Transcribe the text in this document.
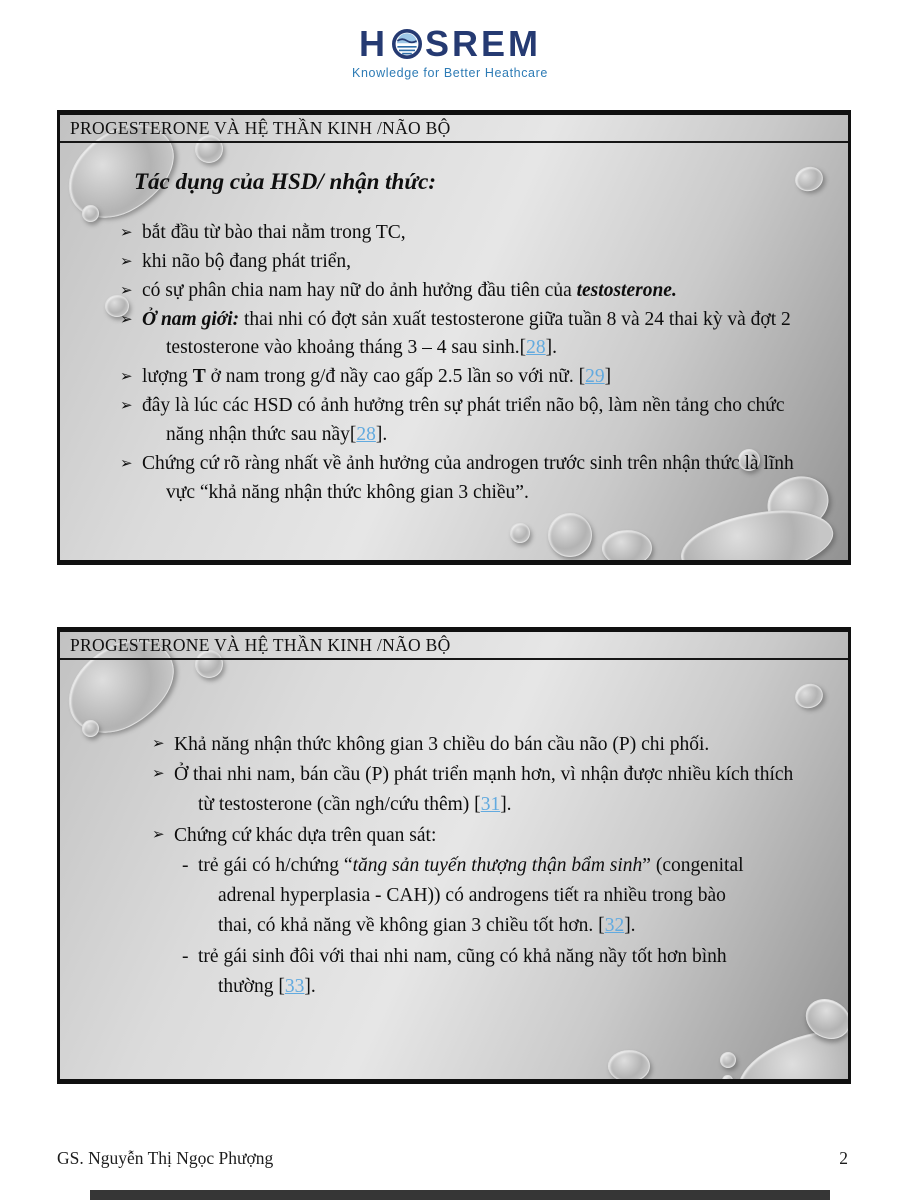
H SREM
Knowledge for Better Heathcare
PROGESTERONE VÀ HỆ THẦN KINH /NÃO BỘ
Tác dụng của HSD/ nhận thức:
➢ bắt đầu từ bào thai nằm trong TC,
➢ khi não bộ đang phát triển,
➢ có sự phân chia nam hay nữ do ảnh hưởng đầu tiên của testosterone.
➢ Ở nam giới: thai nhi có đợt sản xuất testosterone giữa tuần 8 và 24 thai kỳ và đợt 2 testosterone vào khoảng tháng 3 – 4 sau sinh.[28].
➢ lượng T ở nam trong g/đ nầy cao gấp 2.5 lần so với nữ. [29]
➢ đây là lúc các HSD có ảnh hưởng trên sự phát triển não bộ, làm nền tảng cho chức năng nhận thức sau nầy[28].
➢ Chứng cứ rõ ràng nhất về ảnh hưởng của androgen trước sinh trên nhận thức là lĩnh vực “khả năng nhận thức không gian 3 chiều”.
PROGESTERONE VÀ HỆ THẦN KINH /NÃO BỘ
➢ Khả năng nhận thức không gian 3 chiều do bán cầu não (P) chi phối.
➢ Ở thai nhi nam, bán cầu (P) phát triển mạnh hơn, vì nhận được nhiều kích thích từ testosterone (cần ngh/cứu thêm) [31].
➢ Chứng cứ khác dựa trên quan sát:
- trẻ gái có h/chứng “tăng sản tuyến thượng thận bẩm sinh” (congenital adrenal hyperplasia - CAH)) có androgens tiết ra nhiều trong bào thai, có khả năng về không gian 3 chiều tốt hơn. [32].
- trẻ gái sinh đôi với thai nhi nam, cũng có khả năng nầy tốt hơn bình thường [33].
GS. Nguyễn Thị Ngọc Phượng	2
